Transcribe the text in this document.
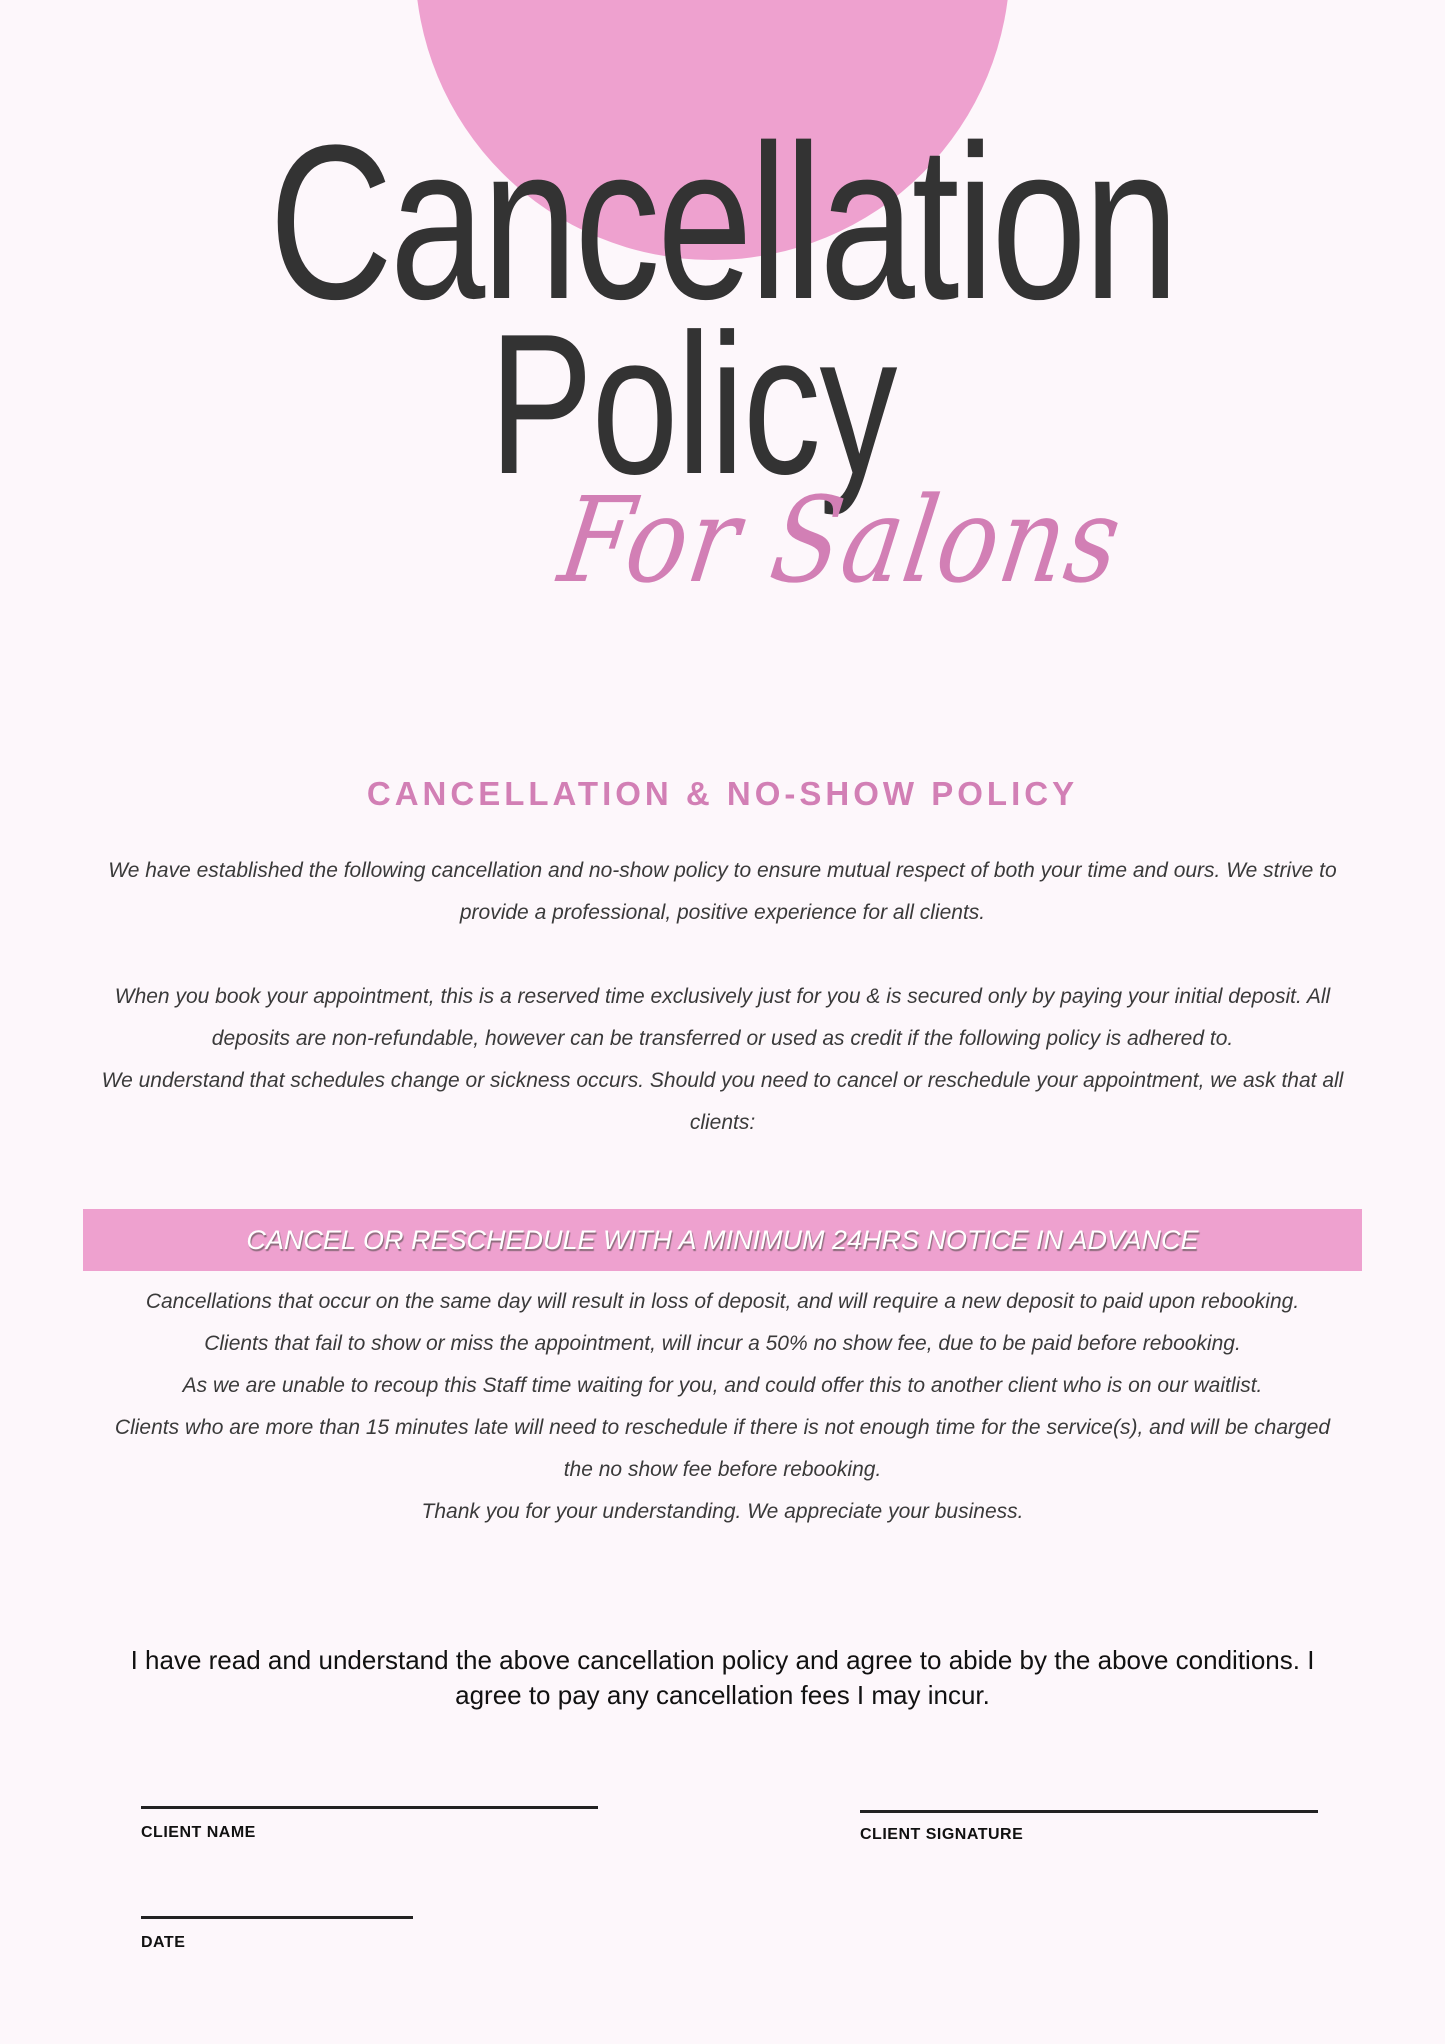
Cancellation
Policy
For Salons
CANCELLATION & NO-SHOW POLICY
We have established the following cancellation and no-show policy to ensure mutual respect of both your time and ours. We strive to provide a professional, positive experience for all clients.
When you book your appointment, this is a reserved time exclusively just for you & is secured only by paying your initial deposit. All deposits are non-refundable, however can be transferred or used as credit if the following policy is adhered to.
We understand that schedules change or sickness occurs. Should you need to cancel or reschedule your appointment, we ask that all clients:
CANCEL OR RESCHEDULE WITH A MINIMUM 24HRS NOTICE IN ADVANCE
Cancellations that occur on the same day will result in loss of deposit, and will require a new deposit to paid upon rebooking.
Clients that fail to show or miss the appointment, will incur a 50% no show fee, due to be paid before rebooking.
As we are unable to recoup this Staff time waiting for you, and could offer this to another client who is on our waitlist.
Clients who are more than 15 minutes late will need to reschedule if there is not enough time for the service(s), and will be charged the no show fee before rebooking.
Thank you for your understanding. We appreciate your business.
I have read and understand the above cancellation policy and agree to abide by the above conditions. I agree to pay any cancellation fees I may incur.
CLIENT NAME	CLIENT SIGNATURE
DATE
